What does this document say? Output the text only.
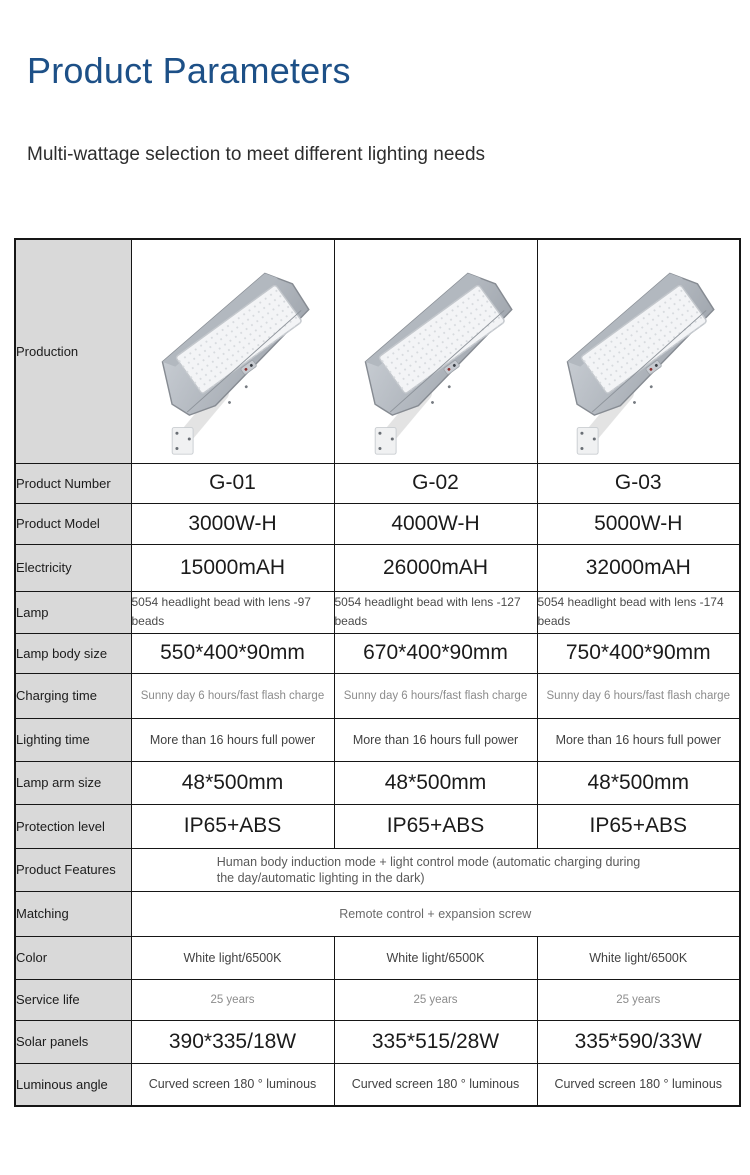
Product Parameters
Multi-wattage selection to meet different lighting needs
Production	

Product Number	G-01	G-02	G-03
Product Model	3000W-H	4000W-H	5000W-H
Electricity	15000mAH	26000mAH	32000mAH
Lamp	5054 headlight bead with lens -97 beads	5054 headlight bead with lens -127 beads	5054 headlight bead with lens -174 beads
Lamp body size	550*400*90mm	670*400*90mm	750*400*90mm
Charging time	Sunny day 6 hours/fast flash charge	Sunny day 6 hours/fast flash charge	Sunny day 6 hours/fast flash charge
Lighting time	More than 16 hours full power	More than 16 hours full power	More than 16 hours full power
Lamp arm size	48*500mm	48*500mm	48*500mm
Protection level	IP65+ABS	IP65+ABS	IP65+ABS
Product Features	Human body induction mode + light control mode (automatic charging during the day/automatic lighting in the dark)		

Matching	Remote control + expansion screw		
Color	White light/6500K	White light/6500K	White light/6500K
Service life	25 years	25 years	25 years
Solar panels	390*335/18W	335*515/28W	335*590/33W
Luminous angle	Curved screen 180 ° luminous	Curved screen 180 ° luminous	Curved screen 180 ° luminous
